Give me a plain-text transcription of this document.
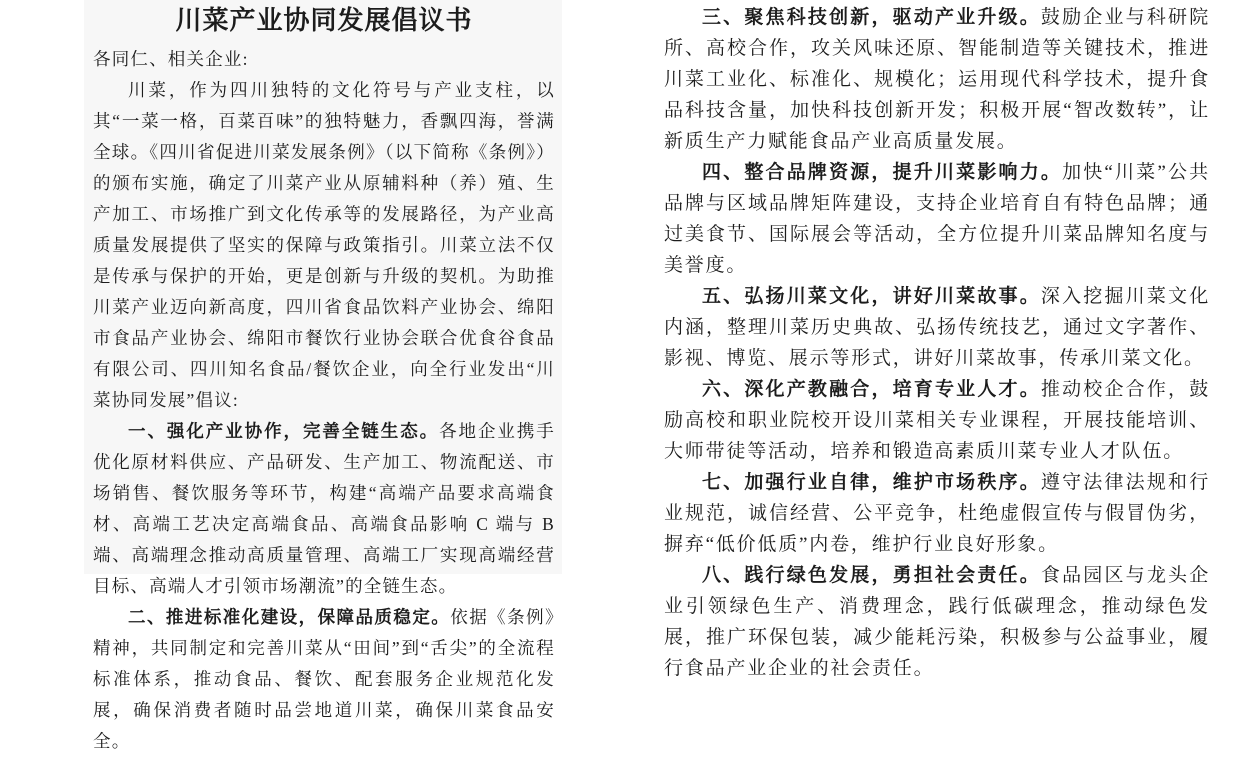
川菜产业协同发展倡议书

各同仁、相关企业:

川菜，作为四川独特的文化符号与产业支柱，以其“一菜一格，百菜百味”的独特魅力，香飘四海，誉满全球。《四川省促进川菜发展条例》（以下简称《条例》）的颁布实施，确定了川菜产业从原辅料种（养）殖、生产加工、市场推广到文化传承等的发展路径，为产业高质量发展提供了坚实的保障与政策指引。川菜立法不仅是传承与保护的开始，更是创新与升级的契机。为助推川菜产业迈向新高度，四川省食品饮料产业协会、绵阳市食品产业协会、绵阳市餐饮行业协会联合优食谷食品有限公司、四川知名食品/餐饮企业，向全行业发出“川菜协同发展”倡议:

一、强化产业协作，完善全链生态。各地企业携手优化原材料供应、产品研发、生产加工、物流配送、市场销售、餐饮服务等环节，构建“高端产品要求高端食材、高端工艺决定高端食品、高端食品影响 C 端与 B 端、高端理念推动高质量管理、高端工厂实现高端经营目标、高端人才引领市场潮流”的全链生态。

二、推进标准化建设，保障品质稳定。依据《条例》精神，共同制定和完善川菜从“田间”到“舌尖”的全流程标准体系，推动食品、餐饮、配套服务企业规范化发展，确保消费者随时品尝地道川菜，确保川菜食品安全。

三、聚焦科技创新，驱动产业升级。鼓励企业与科研院所、高校合作，攻关风味还原、智能制造等关键技术，推进川菜工业化、标准化、规模化；运用现代科学技术，提升食品科技含量，加快科技创新开发；积极开展“智改数转”，让新质生产力赋能食品产业高质量发展。

四、整合品牌资源，提升川菜影响力。加快“川菜”公共品牌与区域品牌矩阵建设，支持企业培育自有特色品牌；通过美食节、国际展会等活动，全方位提升川菜品牌知名度与美誉度。

五、弘扬川菜文化，讲好川菜故事。深入挖掘川菜文化内涵，整理川菜历史典故、弘扬传统技艺，通过文字著作、影视、博览、展示等形式，讲好川菜故事，传承川菜文化。

六、深化产教融合，培育专业人才。推动校企合作，鼓励高校和职业院校开设川菜相关专业课程，开展技能培训、大师带徒等活动，培养和锻造高素质川菜专业人才队伍。

七、加强行业自律，维护市场秩序。遵守法律法规和行业规范，诚信经营、公平竞争，杜绝虚假宣传与假冒伪劣，摒弃“低价低质”内卷，维护行业良好形象。

八、践行绿色发展，勇担社会责任。食品园区与龙头企业引领绿色生产、消费理念，践行低碳理念，推动绿色发展，推广环保包装，减少能耗污染，积极参与公益事业，履行食品产业企业的社会责任。
